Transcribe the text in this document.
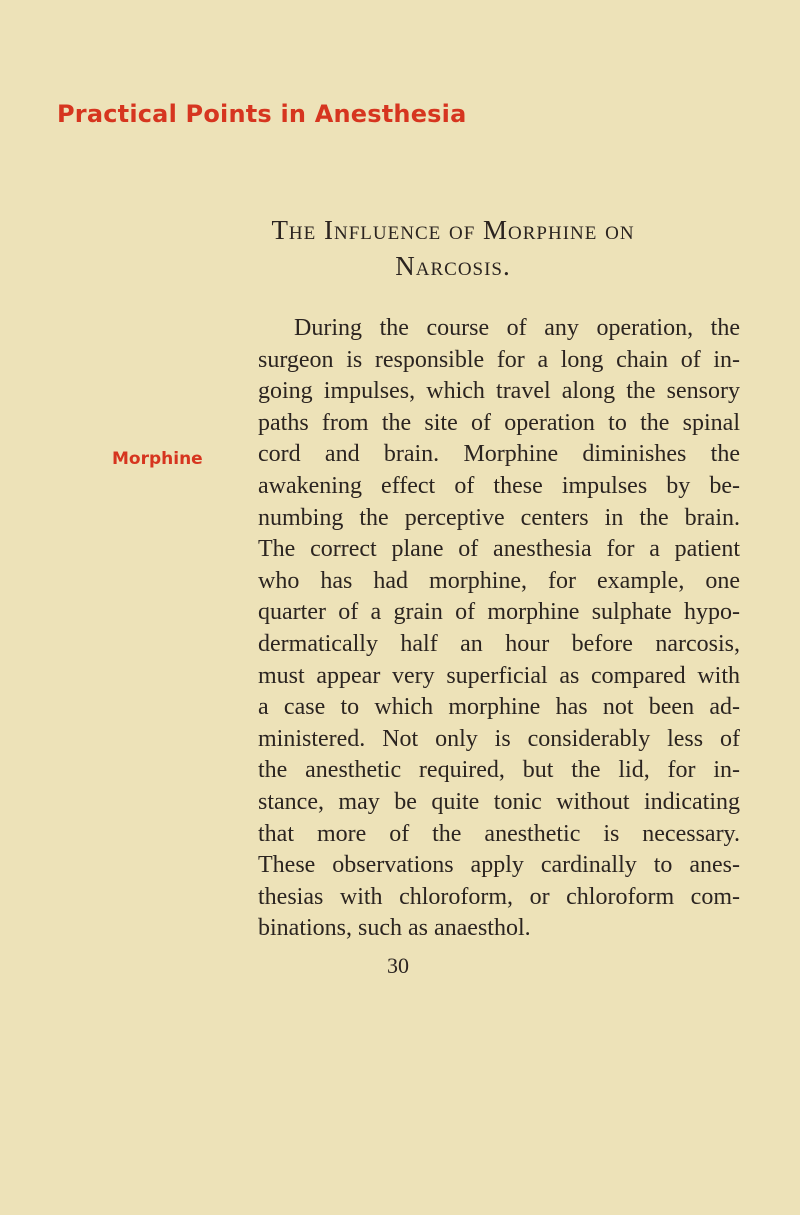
Practical Points in Anesthesia
The Influence of Morphine on
Narcosis.
Morphine
During the course of any operation, the
surgeon is responsible for a long chain of in-
going impulses, which travel along the sensory
paths from the site of operation to the spinal
cord and brain. Morphine diminishes the
awakening effect of these impulses by be-
numbing the perceptive centers in the brain.
The correct plane of anesthesia for a patient
who has had morphine, for example, one
quarter of a grain of morphine sulphate hypo-
dermatically half an hour before narcosis,
must appear very superficial as compared with
a case to which morphine has not been ad-
ministered. Not only is considerably less of
the anesthetic required, but the lid, for in-
stance, may be quite tonic without indicating
that more of the anesthetic is necessary.
These observations apply cardinally to anes-
thesias with chloroform, or chloroform com-
binations, such as anaesthol.
30
